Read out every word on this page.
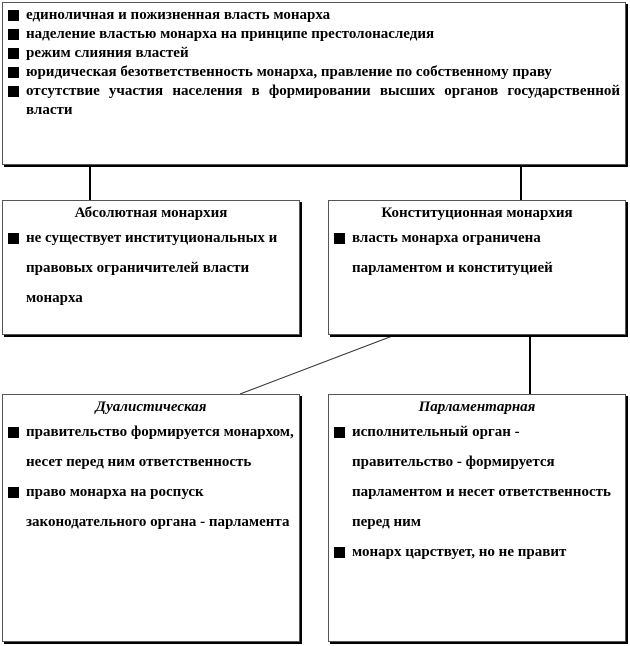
единоличная и пожизненная власть монарха
наделение властью монарха на принципе престолонаследия
режим слияния властей
юридическая безответственность монарха, правление по собственному праву
отсутствие участия населения в формировании высших органов государственной власти
Абсолютная монархия
не существует институциональных и правовых ограничителей власти монарха
Конституционная монархия
власть монарха ограничена парламентом и конституцией
Дуалистическая
правительство формируется монархом, несет перед ним ответственность
право монарха на роспуск законодательного органа - парламента
Парламентарная
исполнительный орган - правительство - формируется парламентом и несет ответственность перед ним
монарх царствует, но не правит
